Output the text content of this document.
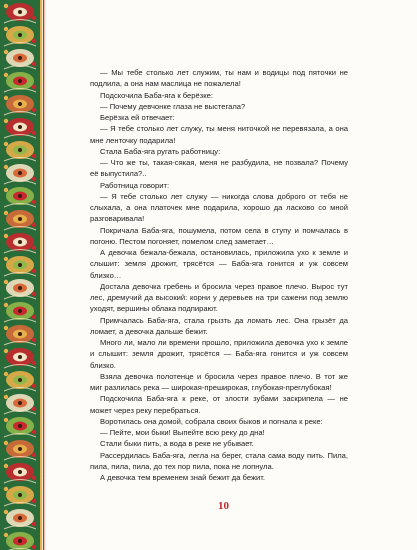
— Мы тебе столько лет служим, ты нам и водицы под пяточки не подлила, а она нам маслица не пожалела!

Подскочила Баба-яга к берёзке:

— Почему девчонке глаза не выстегала?

Берёзка ей отвечает:

— Я тебе столько лет служу, ты меня ниточкой не перевязала, а она мне ленточку подарила!

Стала Баба-яга ругать работницу:

— Что же ты, такая-сякая, меня не разбудила, не позвала? Почему её выпустила?..

Работница говорит:

— Я тебе столько лет служу — никогда слова доброго от тебя не слыхала, а она платочек мне подарила, хорошо да ласково со мной разговаривала!

Покричала Баба-яга, пошумела, потом села в ступу и помчалась в погоню. Пестом погоняет, помелом след заметает…

А девочка бежала-бежала, остановилась, приложила ухо к земле и слышит: земля дрожит, трясётся — Баба-яга гонится и уж совсем близко…

Достала девочка гребень и бросила через правое плечо. Вырос тут лес, дремучий да высокий: корни у деревьев на три сажени под землю уходят, вершины облака подпирают.

Примчалась Баба-яга, стала грызть да ломать лес. Она грызёт да ломает, а девочка дальше бежит.

Много ли, мало ли времени прошло, приложила девочка ухо к земле и слышит: земля дрожит, трясётся — Баба-яга гонится и уж совсем близко.

Взяла девочка полотенце и бросила через правое плечо. В тот же миг разлилась река — широкая-преширокая, глубокая-преглубокая!

Подскочила Баба-яга к реке, от злости зубами заскрипела — не может через реку перебраться.

Воротилась она домой, собрала своих быков и погнала к реке:

— Пейте, мои быки! Выпейте всю реку до дна!

Стали быки пить, а вода в реке не убывает.

Рассердилась Баба-яга, легла на берег, стала сама воду пить. Пила, пила, пила, пила, до тех пор пила, пока не лопнула.

А девочка тем временем знай бежит да бежит.

10
